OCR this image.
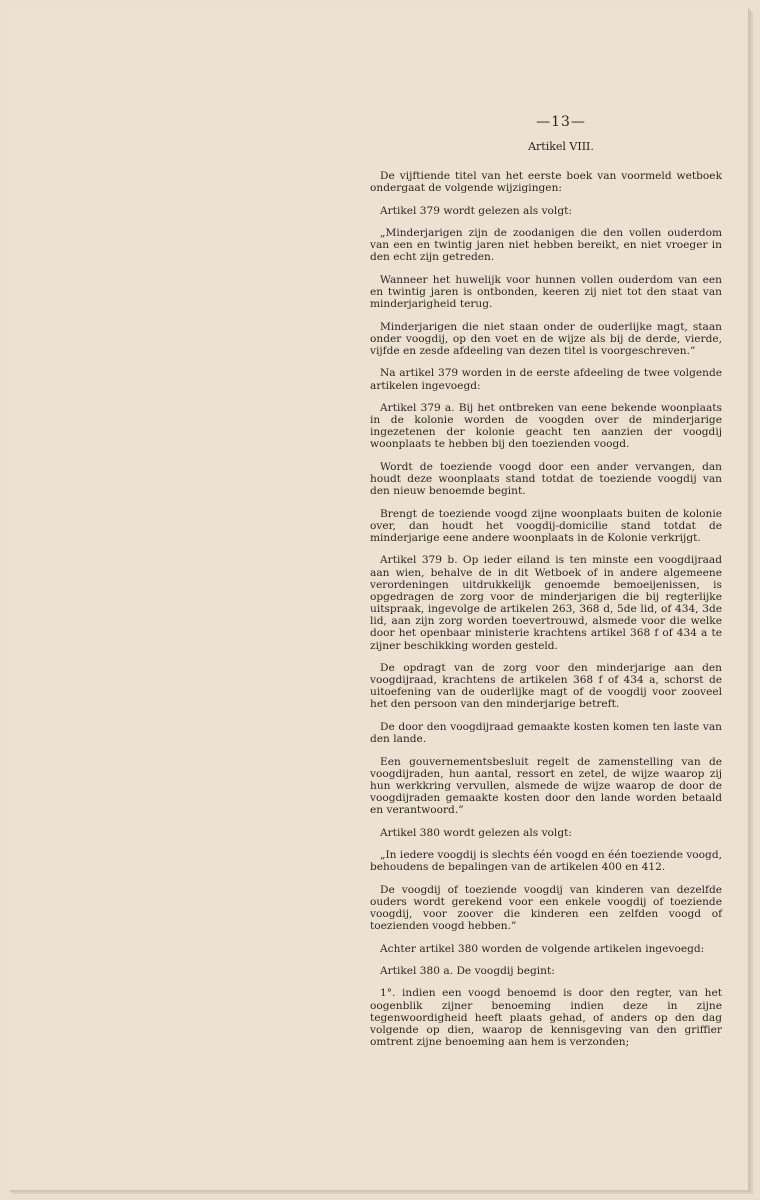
—13—
Artikel VIII.

De vijftiende titel van het eerste boek van voormeld wetboek ondergaat de volgende wijzigingen:

Artikel 379 wordt gelezen als volgt:

„Minderjarigen zijn de zoodanigen die den vollen ouderdom van een en twintig jaren niet hebben bereikt, en niet vroeger in den echt zijn getreden.

Wanneer het huwelijk voor hunnen vollen ouderdom van een en twintig jaren is ontbonden, keeren zij niet tot den staat van minderjarigheid terug.

Minderjarigen die niet staan onder de ouderlijke magt, staan onder voogdij, op den voet en de wijze als bij de derde, vierde, vijfde en zesde afdeeling van dezen titel is voorgeschreven.”

Na artikel 379 worden in de eerste afdeeling de twee volgende artikelen ingevoegd:

Artikel 379 a. Bij het ontbreken van eene bekende woonplaats in de kolonie worden de voogden over de minderjarige ingezetenen der kolonie geacht ten aanzien der voogdij woonplaats te hebben bij den toezienden voogd.

Wordt de toeziende voogd door een ander vervangen, dan houdt deze woonplaats stand totdat de toeziende voogdij van den nieuw benoemde begint.

Brengt de toeziende voogd zijne woonplaats buiten de kolonie over, dan houdt het voogdij-domicilie stand totdat de minderjarige eene andere woonplaats in de Kolonie verkrijgt.

Artikel 379 b. Op ieder eiland is ten minste een voogdijraad aan wien, behalve de in dit Wetboek of in andere algemeene verordeningen uitdrukkelijk genoemde bemoeijenissen, is opgedragen de zorg voor de minderjarigen die bij regterlijke uitspraak, ingevolge de artikelen 263, 368 d, 5de lid, of 434, 3de lid, aan zijn zorg worden toevertrouwd, alsmede voor die welke door het openbaar ministerie krachtens artikel 368 f of 434 a te zijner beschikking worden gesteld.

De opdragt van de zorg voor den minderjarige aan den voogdijraad, krachtens de artikelen 368 f of 434 a, schorst de uitoefening van de ouderlijke magt of de voogdij voor zooveel het den persoon van den minderjarige betreft.

De door den voogdijraad gemaakte kosten komen ten laste van den lande.

Een gouvernementsbesluit regelt de zamenstelling van de voogdijraden, hun aantal, ressort en zetel, de wijze waarop zij hun werkkring vervullen, alsmede de wijze waarop de door de voogdijraden gemaakte kosten door den lande worden betaald en verantwoord.”

Artikel 380 wordt gelezen als volgt:

„In iedere voogdij is slechts één voogd en één toeziende voogd, behoudens de bepalingen van de artikelen 400 en 412.

De voogdij of toeziende voogdij van kinderen van dezelfde ouders wordt gerekend voor een enkele voogdij of toeziende voogdij, voor zoover die kinderen een zelfden voogd of toezienden voogd hebben.”

Achter artikel 380 worden de volgende artikelen ingevoegd:

Artikel 380 a. De voogdij begint:

1°. indien een voogd benoemd is door den regter, van het oogenblik zijner benoeming indien deze in zijne tegenwoordigheid heeft plaats gehad, of anders op den dag volgende op dien, waarop de kennisgeving van den griffier omtrent zijne benoeming aan hem is verzonden;
